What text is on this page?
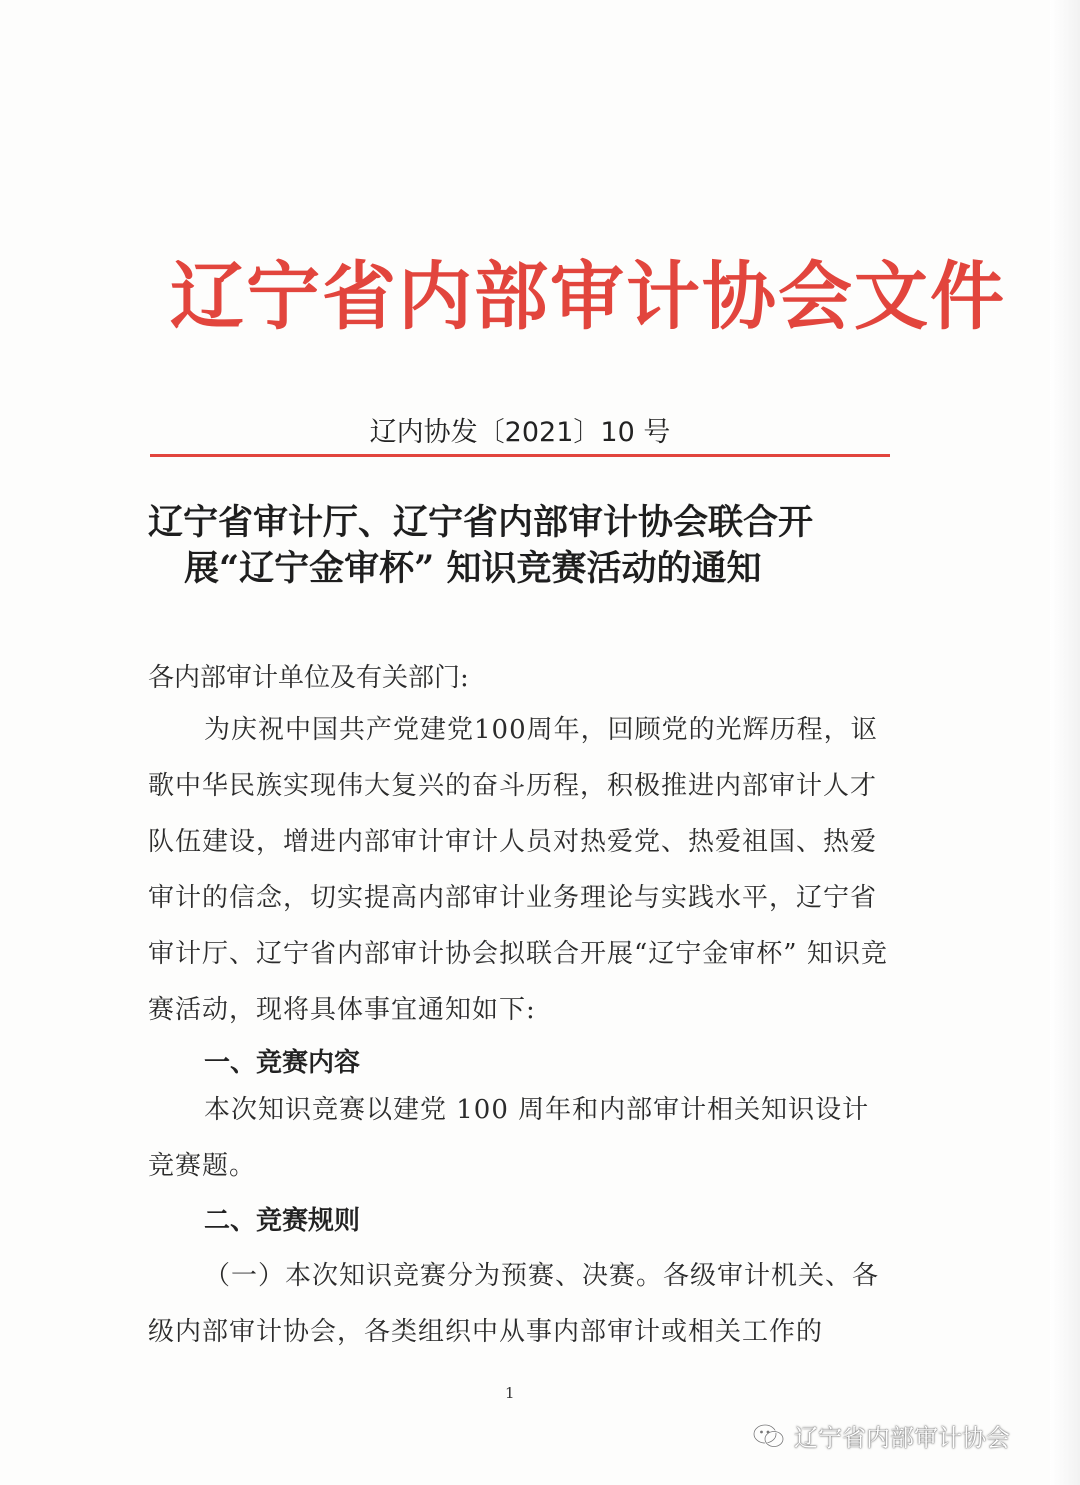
辽宁省内部审计协会文件
辽内协发〔2021〕10 号
辽宁省审计厅、辽宁省内部审计协会联合开
展“辽宁金审杯” 知识竞赛活动的通知
各内部审计单位及有关部门:
为庆祝中国共产党建党100周年，回顾党的光辉历程，讴歌中华民族实现伟大复兴的奋斗历程，积极推进内部审计人才队伍建设，增进内部审计审计人员对热爱党、热爱祖国、热爱审计的信念，切实提高内部审计业务理论与实践水平，辽宁省审计厅、辽宁省内部审计协会拟联合开展“辽宁金审杯” 知识竞赛活动，现将具体事宜通知如下:
一、竞赛内容
本次知识竞赛以建党 100 周年和内部审计相关知识设计竞赛题。
二、竞赛规则
（一）本次知识竞赛分为预赛、决赛。各级审计机关、各级内部审计协会，各类组织中从事内部审计或相关工作的
1
辽宁省内部审计协会
